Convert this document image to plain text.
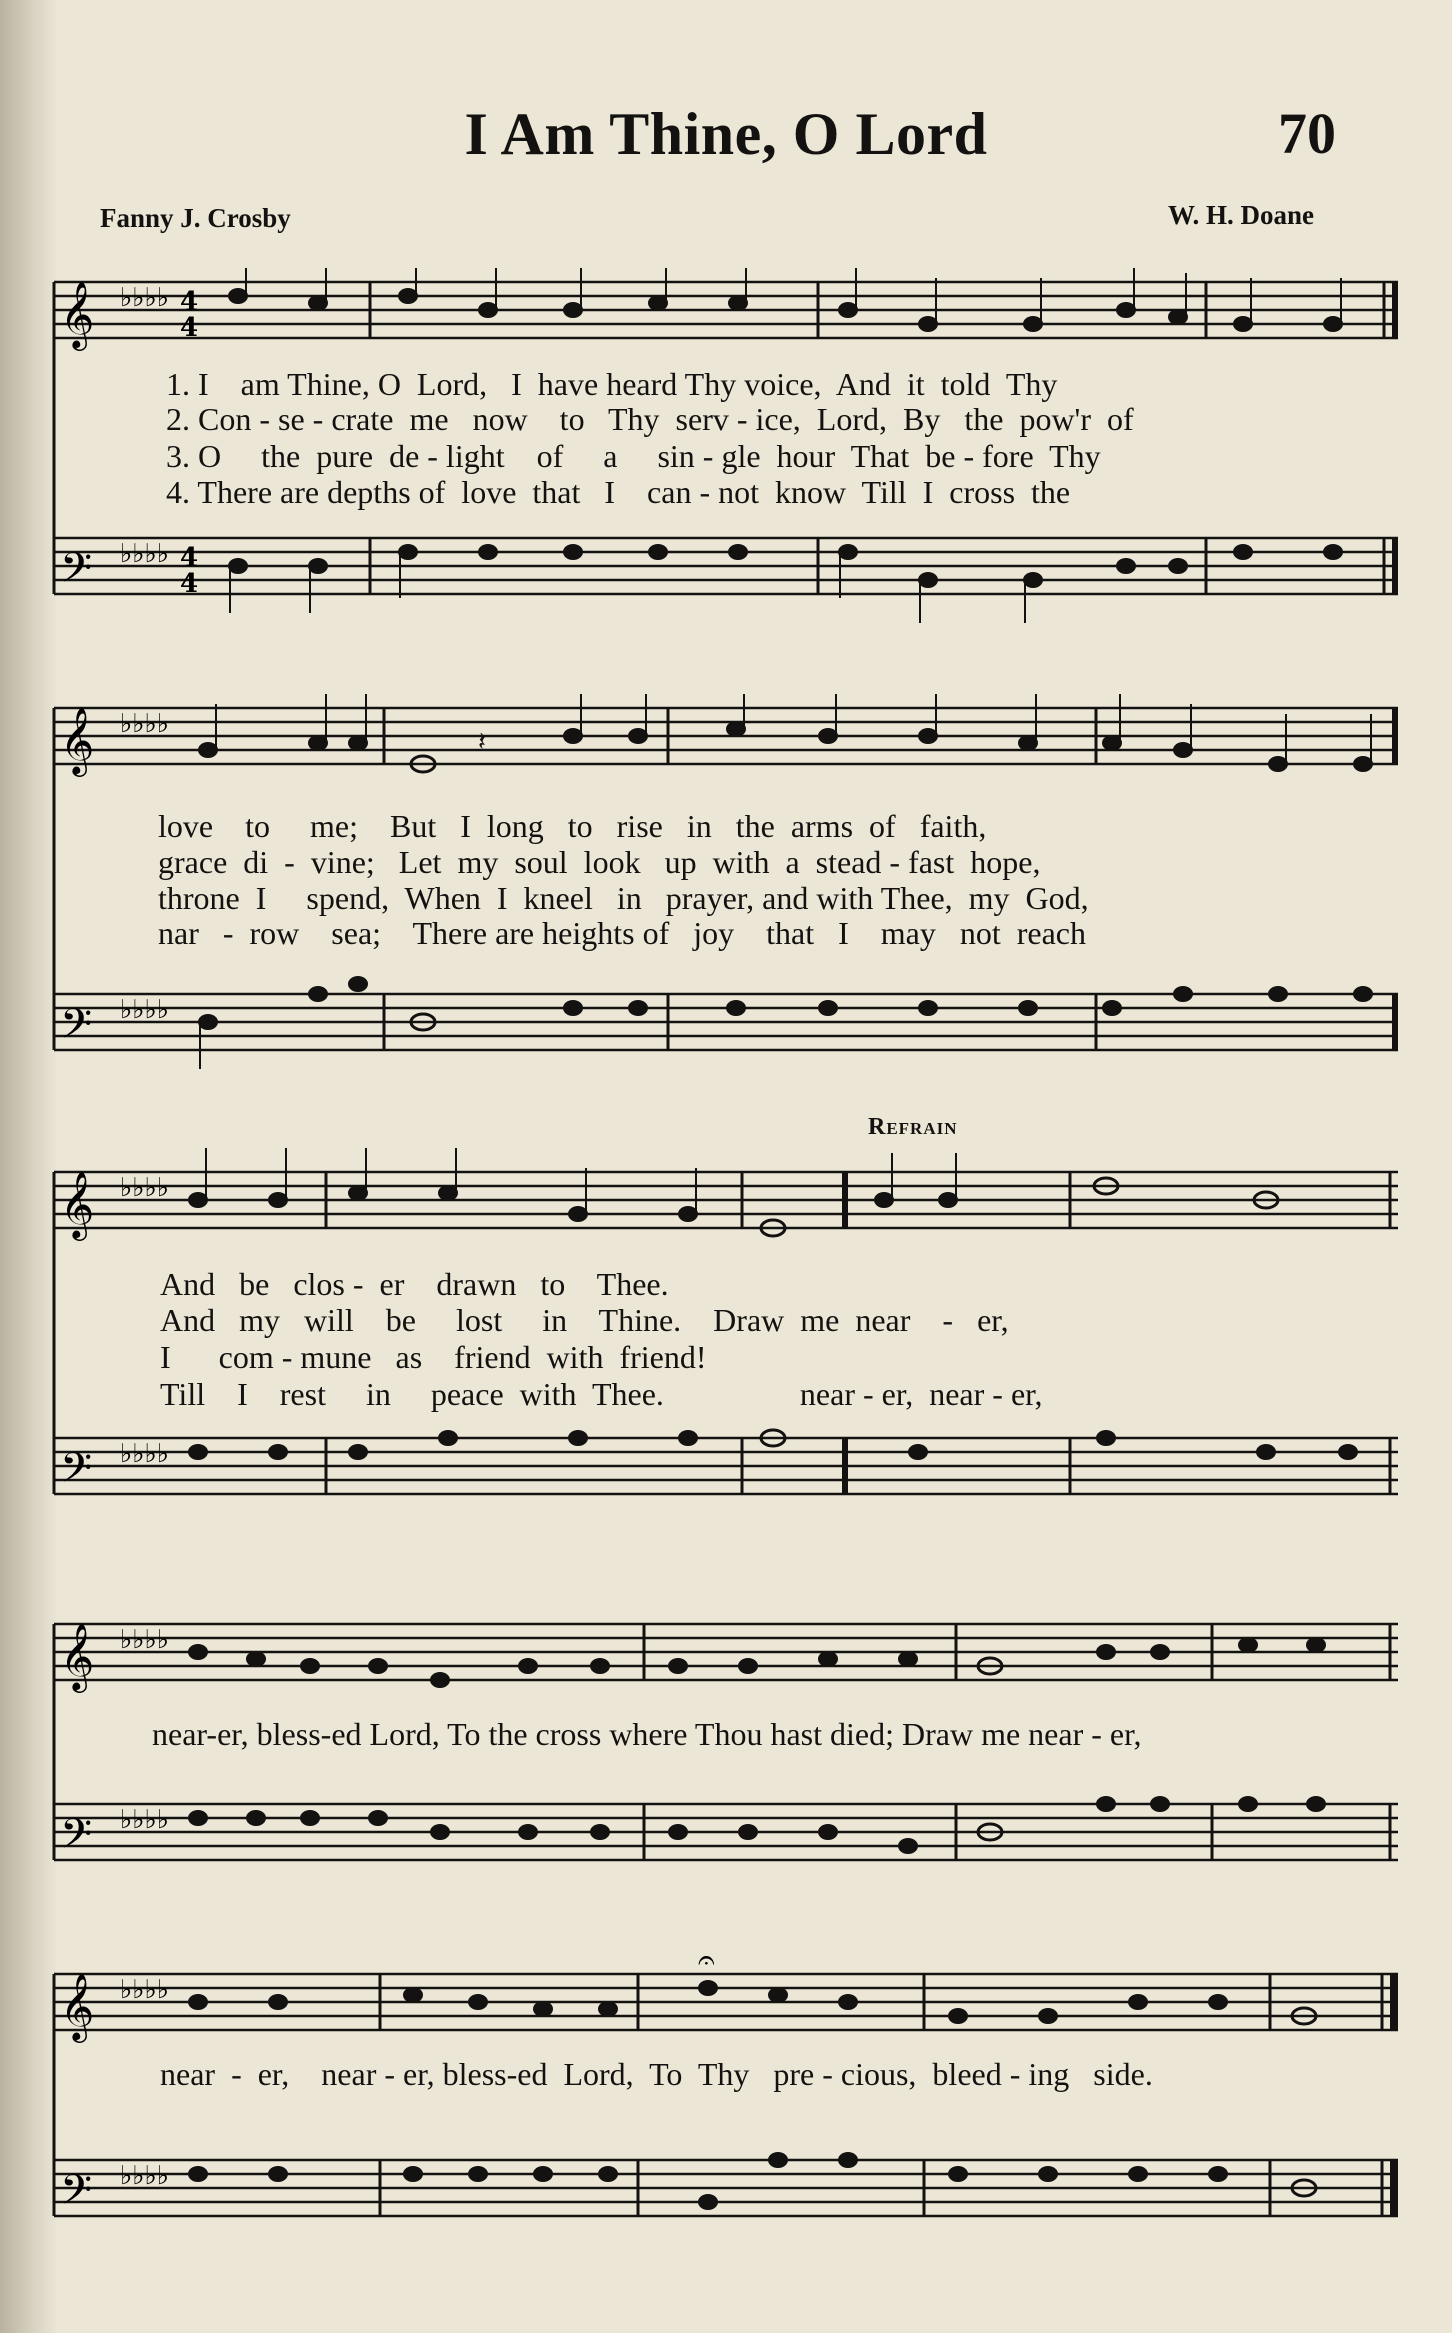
I Am Thine, O Lord	70
Fanny J. Crosby	W. H. Doane
Refrain
𝄞
𝄢
♭♭♭♭
♭♭♭♭
4
4
4
4
1. I    am Thine, O  Lord,   I  have heard Thy voice,  And  it  told  Thy
2. Con - se - crate  me   now    to   Thy  serv - ice,  Lord,  By   the  pow'r  of
3. O     the  pure  de - light    of     a     sin - gle  hour  That  be - fore  Thy
4. There are depths of  love  that   I    can - not  know  Till  I  cross  the
𝄞
𝄢
♭♭♭♭
♭♭♭♭
𝄽
love    to     me;    But   I  long   to   rise   in   the  arms  of   faith,
grace  di  -  vine;   Let  my  soul  look   up  with  a  stead - fast  hope,
throne  I     spend,  When  I  kneel   in   prayer, and with Thee,  my  God,
nar   -  row    sea;    There are heights of   joy    that   I    may   not  reach
𝄞
𝄢
♭♭♭♭
♭♭♭♭
And   be   clos -  er    drawn   to    Thee.
And   my   will    be     lost     in    Thine.    Draw  me  near    -   er,
I      com - mune   as    friend  with  friend!
Till    I    rest     in     peace  with  Thee.                 near - er,  near - er,
𝄞
𝄢
♭♭♭♭
♭♭♭♭
near-er, bless-ed Lord, To the cross where Thou hast died; Draw me near - er,
𝄞
𝄢
♭♭♭♭
♭♭♭♭
𝄐
near  -  er,    near - er, bless-ed  Lord,  To  Thy   pre - cious,  bleed - ing   side.
